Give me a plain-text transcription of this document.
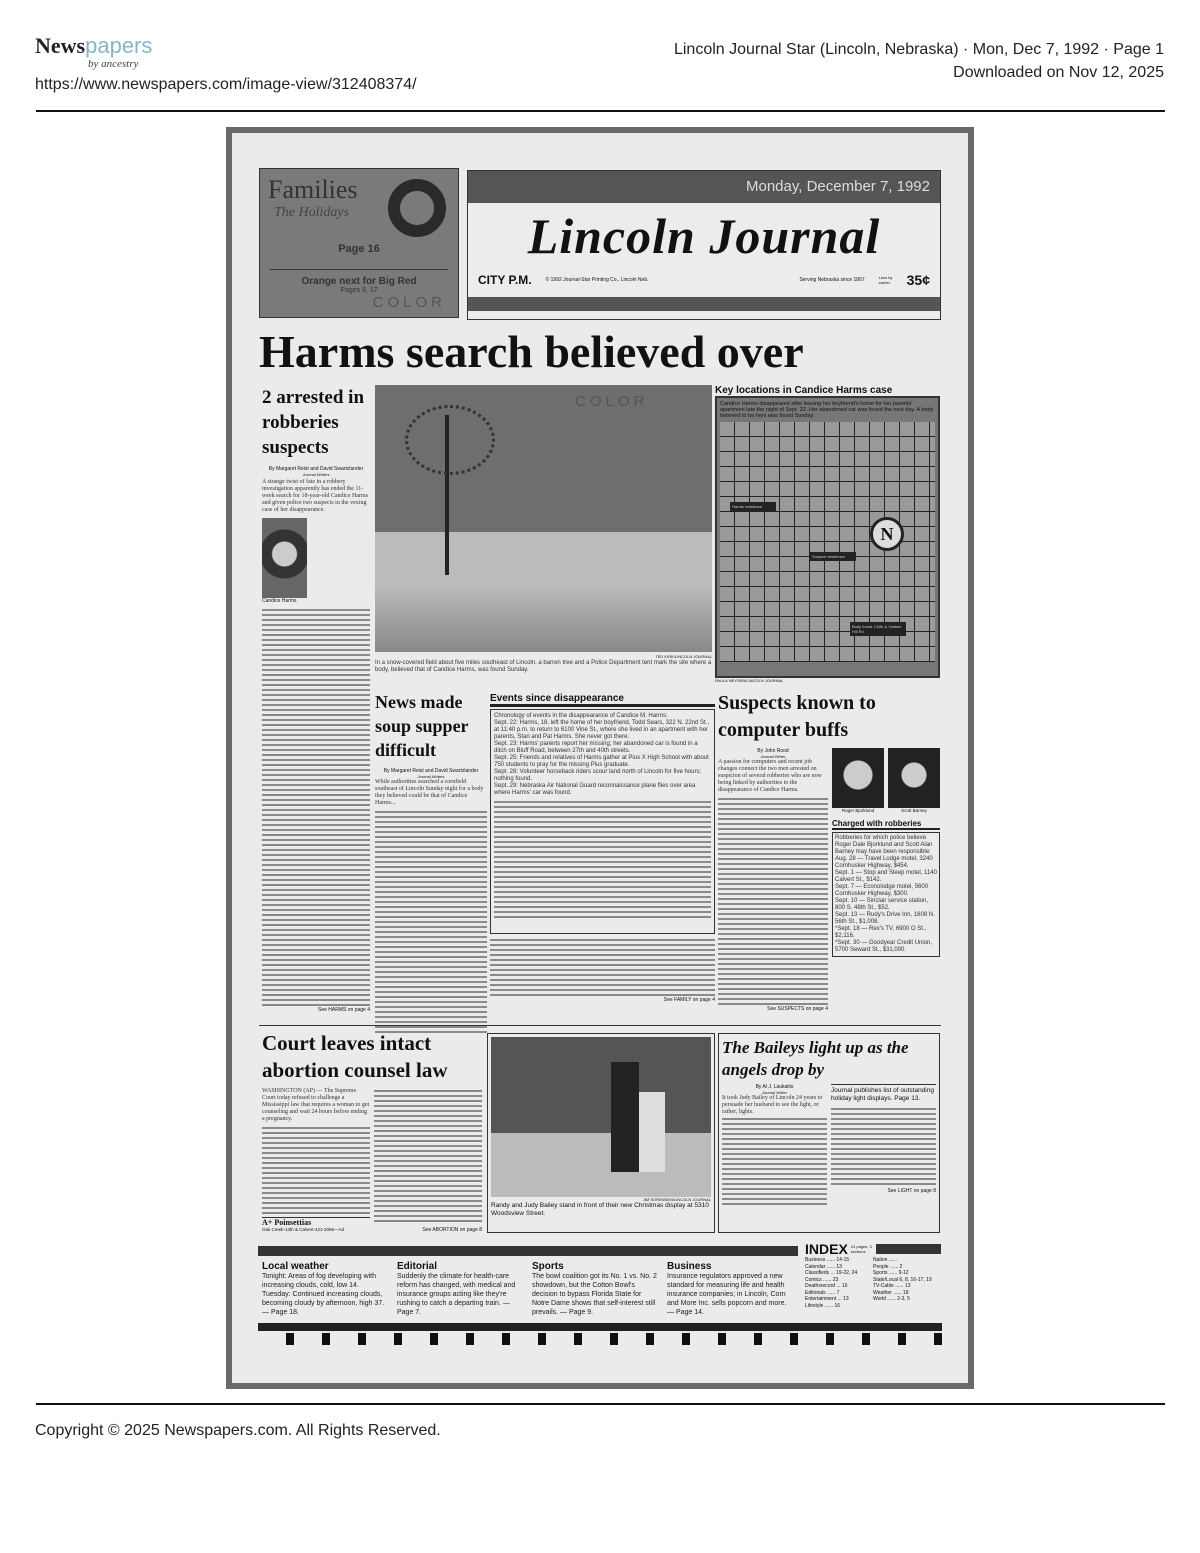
Newspapers
by ancestry
https://www.newspapers.com/image-view/312408374/
Lincoln Journal Star (Lincoln, Nebraska) · Mon, Dec 7, 1992 · Page 1
Downloaded on Nov 12, 2025
Families
The Holidays
Page 16
Orange next for Big Red
Pages 9, 17
COLOR
Monday, December 7, 1992
Lincoln Journal
CITY P.M.	© 1992 Journal-Star Printing Co., Lincoln Neb.	Serving Nebraska since 1867	Less by carrier 35¢
COLOR
Harms search believed over
2 arrested in robberies suspects
By Margaret Reist and David Swartzlander
Journal Writers
A strange twist of fate in a robbery investigation apparently has ended the 11-week search for 18-year-old Candice Harms and given police two suspects in the vexing case of her disappearance.
Candice Harms
See HARMS on page 4
COLOR
TED KIRK/LINCOLN JOURNAL
In a snow-covered field about five miles southeast of Lincoln, a barren tree and a Police Department tent mark the site where a body, believed that of Candice Harms, was found Sunday.
Key locations in Candice Harms case
Candice Harms disappeared after leaving her boyfriend's home for her parents' apartment late the night of Sept. 22. Her abandoned car was found the next day. A body believed to be hers was found Sunday.
N
Body found 134th & Yankee Hill Rd.
Suspect residence
Harms residence
PAULA NEYSEN/LINCOLN JOURNAL
News made soup supper difficult
By Margaret Reist and David Swartzlander
Journal Writers
While authorities searched a cornfield southeast of Lincoln Sunday night for a body they believed could be that of Candice Harms...
Events since disappearance
Chronology of events in the disappearance of Candice M. Harms:
Sept. 22: Harms, 18, left the home of her boyfriend, Todd Sears, 322 N. 22nd St., at 11:40 p.m. to return to 6100 Vine St., where she lived in an apartment with her parents, Stan and Pat Harms. She never got there.
Sept. 23: Harms' parents report her missing; her abandoned car is found in a ditch on Bluff Road, between 27th and 40th streets.
Sept. 25: Friends and relatives of Harms gather at Pius X High School with about 750 students to pray for the missing Pius graduate.
Sept. 28: Volunteer horseback riders scour land north of Lincoln for five hours; nothing found.
Sept. 29: Nebraska Air National Guard reconnaissance plane flies over area where Harms' car was found.
See FAMILY on page 4
Suspects known to computer buffs
By John Rood
Journal Writer
A passion for computers and recent job changes connect the two men arrested on suspicion of several robberies who are now being linked by authorities to the disappearance of Candice Harms.
See SUSPECTS on page 4
Roger Bjorklund	Scott Barney
Charged with robberies
Robberies for which police believe Roger Dale Bjorklund and Scott Alan Barney may have been responsible:
Aug. 28 — Travel Lodge motel, 3240 Cornhusker Highway, $454.
Sept. 1 — Stop and Sleep motel, 1140 Calvert St., $142.
Sept. 7 — Econolodge motel, 5600 Cornhusker Highway, $300.
Sept. 10 — Sinclair service station, 800 S. 48th St., $52.
Sept. 13 — Rudy's Drive Inn, 1608 N. 56th St., $1,008.
*Sept. 18 — Rex's TV, 6900 O St., $2,116.
*Sept. 30 — Goodyear Credit Union, 5700 Seward St., $31,000.
Court leaves intact abortion counsel law
WASHINGTON (AP) — The Supreme Court today refused to challenge a Mississippi law that requires a woman to get counseling and wait 24 hours before ending a pregnancy.
A+ Poinsettias
Oak Creek-13th & Calvert-421-2066—Ad	See ABORTION on page 8
COLOR
JIM SORENSEN/LINCOLN JOURNAL
Randy and Judy Bailey stand in front of their new Christmas display at 5310 Woodsview Street.
The Baileys light up as the angels drop by
By Al J. Laukaitis
Journal Writer
It took Judy Bailey of Lincoln 24 years to persuade her husband to see the light, or rather, lights.
Journal publishes list of outstanding holiday light displays. Page 13.
See LIGHT on page 8
Local weather

Tonight: Areas of fog developing with increasing clouds, cold, low 14. Tuesday: Continued increasing clouds, becoming cloudy by afternoon, high 37. — Page 18.

Editorial

Suddenly the climate for health-care reform has changed, with medical and insurance groups acting like they're rushing to catch a departing train. — Page 7.

Sports

The bowl coalition got its No. 1 vs. No. 2 showdown, but the Cotton Bowl's decision to bypass Florida State for Notre Dame shows that self-interest still prevails. — Page 9.

Business

Insurance regulators approved a new standard for measuring life and health insurance companies; in Lincoln, Corn and More Inc. sells popcorn and more. — Page 14.

INDEX 24 pages, 3 sections
Business ...... 14-15
Calendar ...... 13
Classifieds ... 19-22, 24
Comics ...... 23
Deathsrecord ... 16
Editorials ...... 7
Entertainment ... 13
Lifestyle ...... 16
Nation ......
People ...... 2
Sports ...... 9-12
State/Local 6, 8, 16-17, 19
TV-Cable ...... 13
Weather ...... 18
World ...... 2-3, 5
Copyright © 2025 Newspapers.com. All Rights Reserved.
